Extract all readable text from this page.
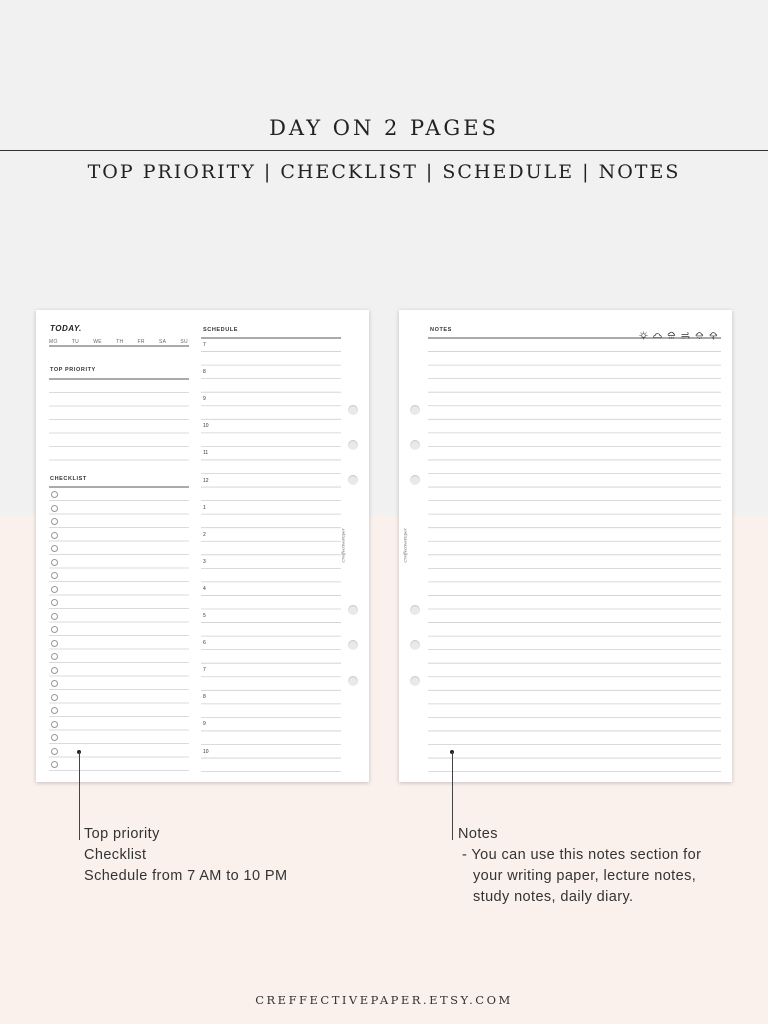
DAY ON 2 PAGES
TOP PRIORITY | CHECKLIST | SCHEDULE | NOTES
TODAY.
MO	TU	WE	TH	FR	SA	SU
TOP PRIORITY
CHECKLIST
SCHEDULE
7
8
9
10
11
12
1
2
3
4
5
6
7
8
9
10
CreffectivePaper
NOTES
CreffectivePaper
Top priority
Checklist
Schedule from 7 AM to 10 PM
Notes
- You can use this notes section for
your writing paper, lecture notes,
study notes, daily diary.
CREFFECTIVEPAPER.ETSY.COM
